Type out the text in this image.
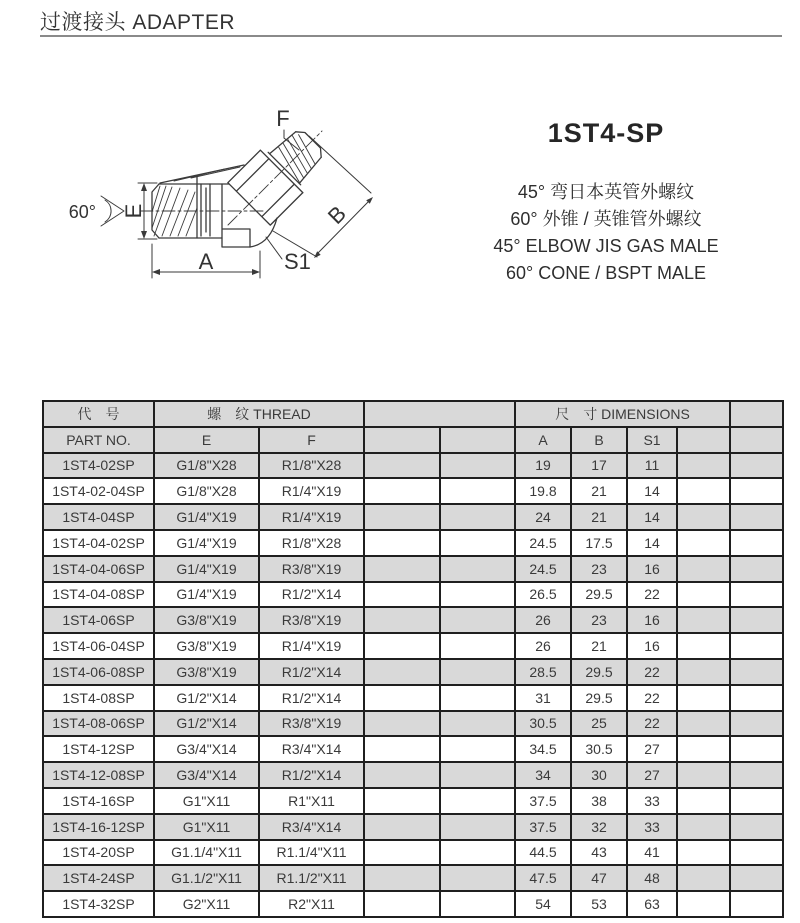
过渡接头 ADAPTER
F
E
60°
A
B
S1
1ST4-SP

45° 弯日本英管外螺纹

60° 外锥 / 英锥管外螺纹

45° ELBOW JIS GAS MALE

60° CONE / BSPT MALE

代　号	螺　纹 THREAD				尺　寸 DIMENSIONS				
PART NO.	E	F			A	B	S1		
1ST4-02SP	G1/8"X28	R1/8"X28			19	17	11		
1ST4-02-04SP	G1/8"X28	R1/4"X19			19.8	21	14		
1ST4-04SP	G1/4"X19	R1/4"X19			24	21	14		
1ST4-04-02SP	G1/4"X19	R1/8"X28			24.5	17.5	14		
1ST4-04-06SP	G1/4"X19	R3/8"X19			24.5	23	16		
1ST4-04-08SP	G1/4"X19	R1/2"X14			26.5	29.5	22		
1ST4-06SP	G3/8"X19	R3/8"X19			26	23	16		
1ST4-06-04SP	G3/8"X19	R1/4"X19			26	21	16		
1ST4-06-08SP	G3/8"X19	R1/2"X14			28.5	29.5	22		
1ST4-08SP	G1/2"X14	R1/2"X14			31	29.5	22		
1ST4-08-06SP	G1/2"X14	R3/8"X19			30.5	25	22		
1ST4-12SP	G3/4"X14	R3/4"X14			34.5	30.5	27		
1ST4-12-08SP	G3/4"X14	R1/2"X14			34	30	27		
1ST4-16SP	G1"X11	R1"X11			37.5	38	33		
1ST4-16-12SP	G1"X11	R3/4"X14			37.5	32	33		
1ST4-20SP	G1.1/4"X11	R1.1/4"X11			44.5	43	41		
1ST4-24SP	G1.1/2"X11	R1.1/2"X11			47.5	47	48		
1ST4-32SP	G2"X11	R2"X11			54	53	63		
